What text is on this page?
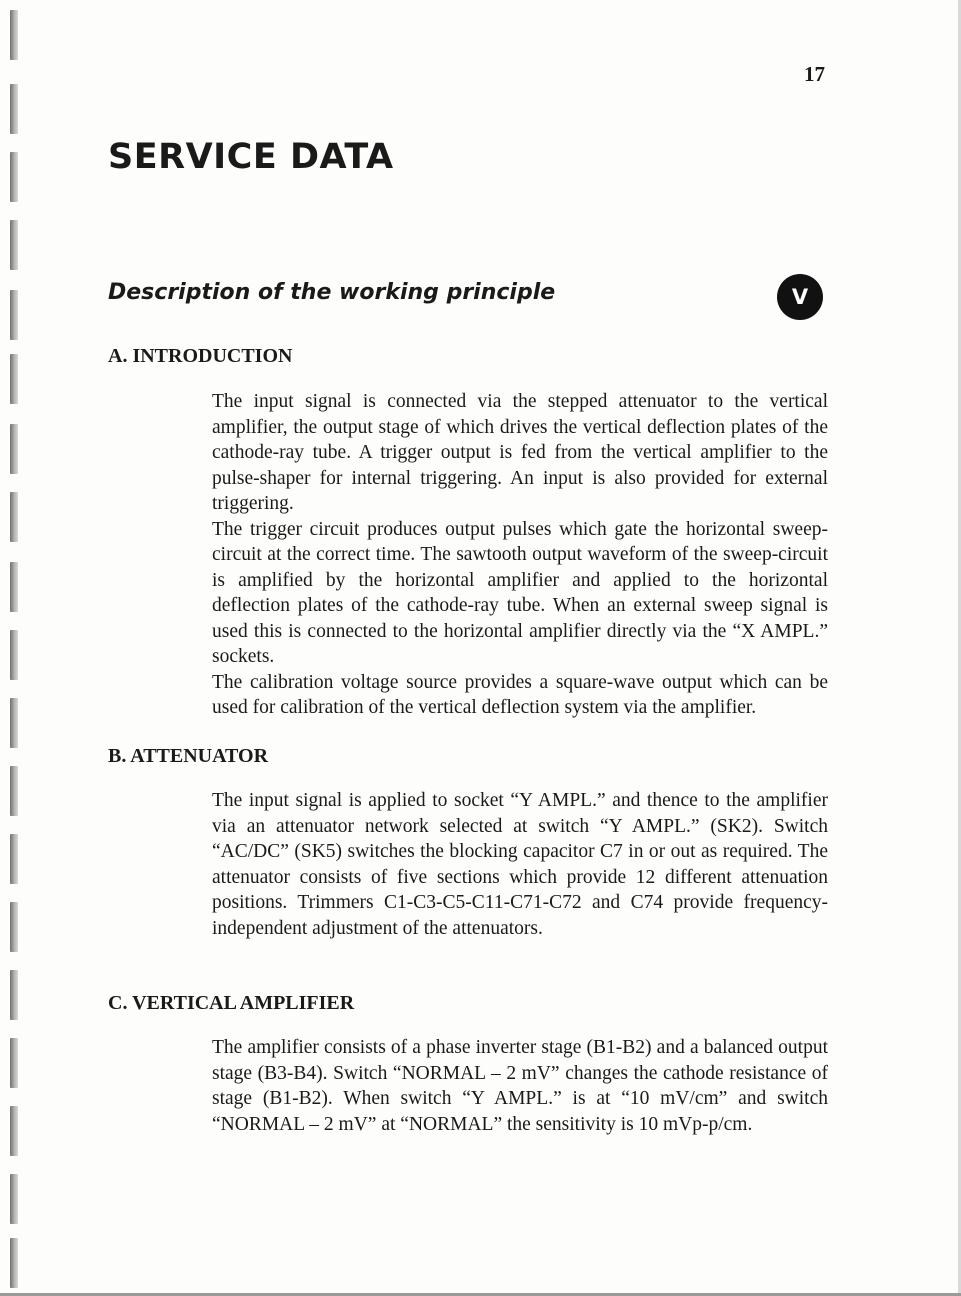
17
SERVICE DATA
Description of the working principle	V
A. INTRODUCTION

The input signal is connected via the stepped attenuator to the vertical amplifier, the output stage of which drives the vertical deflection plates of the cathode-ray tube. A trigger output is fed from the vertical amplifier to the pulse-shaper for internal triggering. An input is also provided for external triggering.

The trigger circuit produces output pulses which gate the horizontal sweep-circuit at the correct time. The sawtooth output waveform of the sweep-circuit is amplified by the horizontal amplifier and applied to the horizontal deflection plates of the cathode-ray tube. When an external sweep signal is used this is connected to the horizontal amplifier directly via the “X AMPL.” sockets.

The calibration voltage source provides a square-wave output which can be used for calibration of the vertical deflection system via the amplifier.

B. ATTENUATOR

The input signal is applied to socket “Y AMPL.” and thence to the amplifier via an attenuator network selected at switch “Y AMPL.” (SK2). Switch “AC/DC” (SK5) switches the blocking capacitor C7 in or out as required. The attenuator consists of five sections which provide 12 different attenuation positions. Trimmers C1-C3-C5-C11-C71-C72 and C74 provide frequency-independent adjustment of the attenuators.

C. VERTICAL AMPLIFIER

The amplifier consists of a phase inverter stage (B1-B2) and a balanced output stage (B3-B4). Switch “NORMAL – 2 mV” changes the cathode resistance of stage (B1-B2). When switch “Y AMPL.” is at “10 mV/cm” and switch “NORMAL – 2 mV” at “NORMAL” the sensitivity is 10 mVp-p/cm.
